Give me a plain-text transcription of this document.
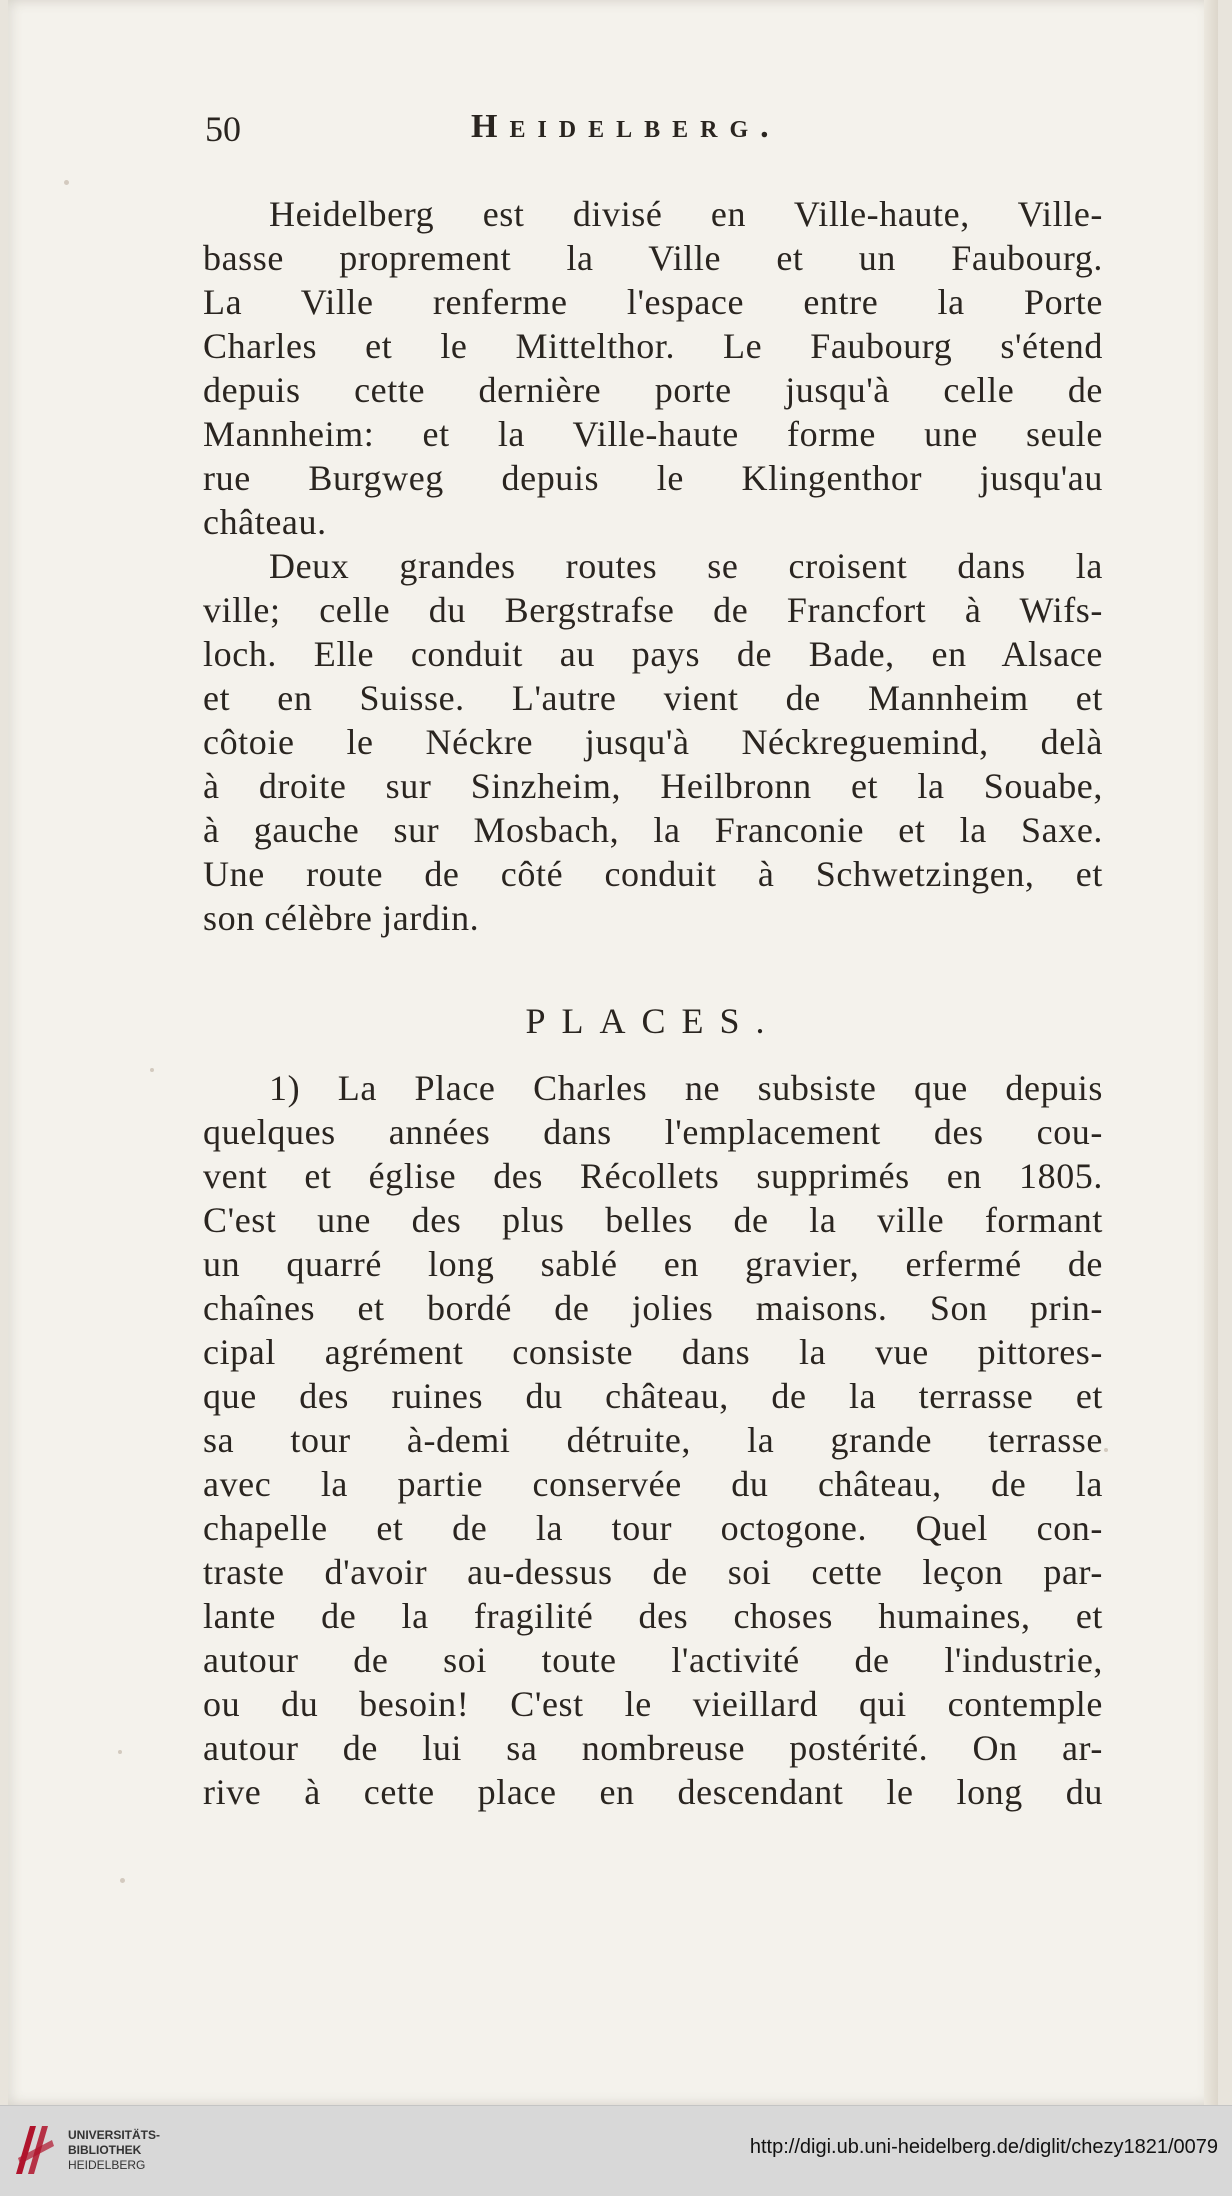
50	Heidelberg.
Heidelberg est divisé en Ville-haute, Ville-
basse proprement la Ville et un Faubourg.
La Ville renferme l'espace entre la Porte
Charles et le Mittelthor. Le Faubourg s'étend
depuis cette dernière porte jusqu'à celle de
Mannheim: et la Ville-haute forme une seule
rue Burgweg depuis le Klingenthor jusqu'au
château.
Deux grandes routes se croisent dans la
ville; celle du Bergstrafse de Francfort à Wifs-
loch. Elle conduit au pays de Bade, en Alsace
et en Suisse. L'autre vient de Mannheim et
côtoie le Néckre jusqu'à Néckreguemind, delà
à droite sur Sinzheim, Heilbronn et la Souabe,
à gauche sur Mosbach, la Franconie et la Saxe.
Une route de côté conduit à Schwetzingen, et
son célèbre jardin.
PLACES.
1) La Place Charles ne subsiste que depuis
quelques années dans l'emplacement des cou-
vent et église des Récollets supprimés en 1805.
C'est une des plus belles de la ville formant
un quarré long sablé en gravier, erfermé de
chaînes et bordé de jolies maisons. Son prin-
cipal agrément consiste dans la vue pittores-
que des ruines du château, de la terrasse et
sa tour à-demi détruite, la grande terrasse
avec la partie conservée du château, de la
chapelle et de la tour octogone. Quel con-
traste d'avoir au-dessus de soi cette leçon par-
lante de la fragilité des choses humaines, et
autour de soi toute l'activité de l'industrie,
ou du besoin! C'est le vieillard qui contemple
autour de lui sa nombreuse postérité. On ar-
rive à cette place en descendant le long du
UNIVERSITÄTS-
BIBLIOTHEK
HEIDELBERG
http://digi.ub.uni-heidelberg.de/diglit/chezy1821/0079
